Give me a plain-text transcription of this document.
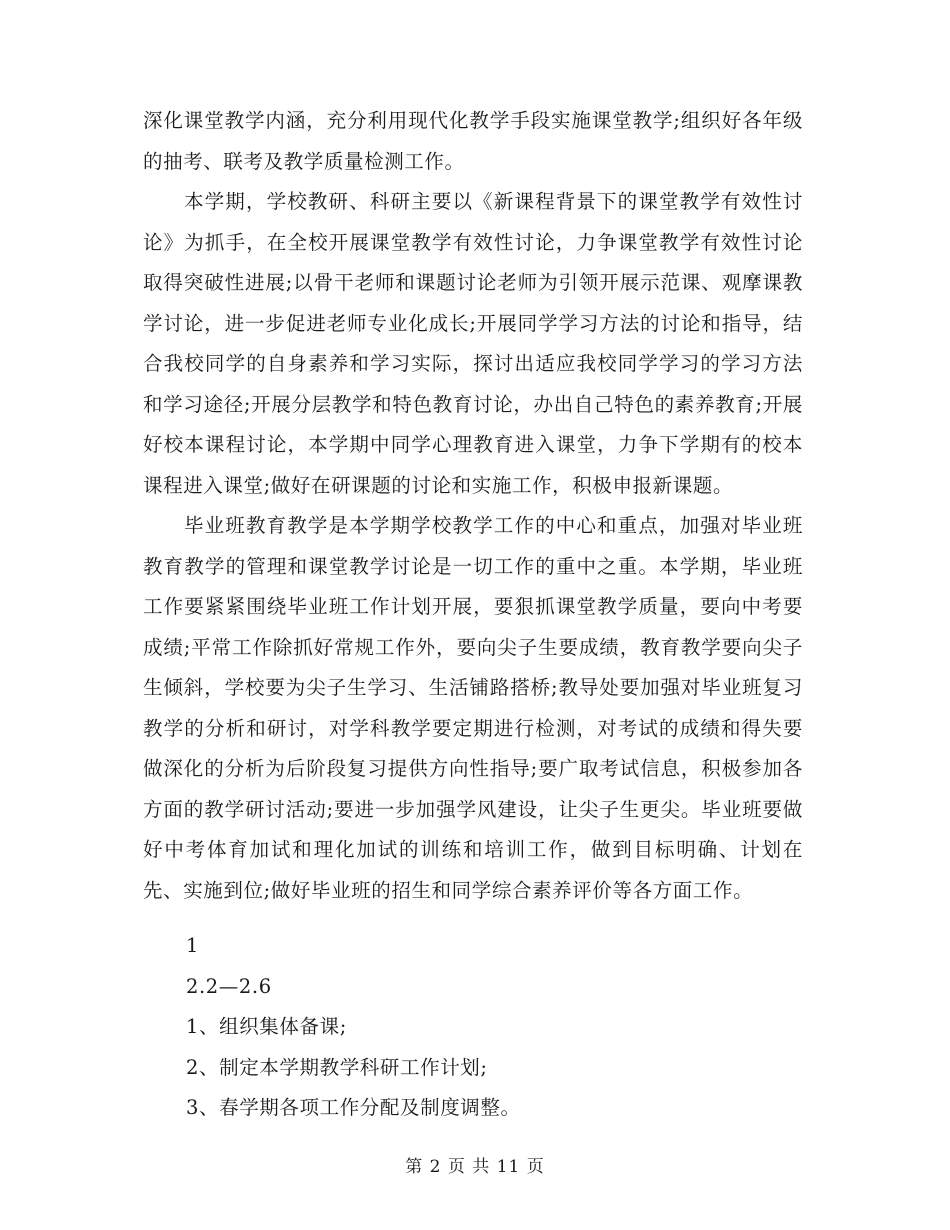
深化课堂教学内涵，充分利用现代化教学手段实施课堂教学;组织好各年级的抽考、联考及教学质量检测工作。

本学期，学校教研、科研主要以《新课程背景下的课堂教学有效性讨论》为抓手，在全校开展课堂教学有效性讨论，力争课堂教学有效性讨论取得突破性进展;以骨干老师和课题讨论老师为引领开展示范课、观摩课教学讨论，进一步促进老师专业化成长;开展同学学习方法的讨论和指导，结合我校同学的自身素养和学习实际，探讨出适应我校同学学习的学习方法和学习途径;开展分层教学和特色教育讨论，办出自己特色的素养教育;开展好校本课程讨论，本学期中同学心理教育进入课堂，力争下学期有的校本课程进入课堂;做好在研课题的讨论和实施工作，积极申报新课题。

毕业班教育教学是本学期学校教学工作的中心和重点，加强对毕业班教育教学的管理和课堂教学讨论是一切工作的重中之重。本学期，毕业班工作要紧紧围绕毕业班工作计划开展，要狠抓课堂教学质量，要向中考要成绩;平常工作除抓好常规工作外，要向尖子生要成绩，教育教学要向尖子生倾斜，学校要为尖子生学习、生活铺路搭桥;教导处要加强对毕业班复习教学的分析和研讨，对学科教学要定期进行检测，对考试的成绩和得失要做深化的分析为后阶段复习提供方向性指导;要广取考试信息，积极参加各方面的教学研讨活动;要进一步加强学风建设，让尖子生更尖。毕业班要做好中考体育加试和理化加试的训练和培训工作，做到目标明确、计划在先、实施到位;做好毕业班的招生和同学综合素养评价等各方面工作。

1
2.2—2.6
1、组织集体备课;
2、制定本学期教学科研工作计划;
3、春学期各项工作分配及制度调整。
第 2 页 共 11 页
